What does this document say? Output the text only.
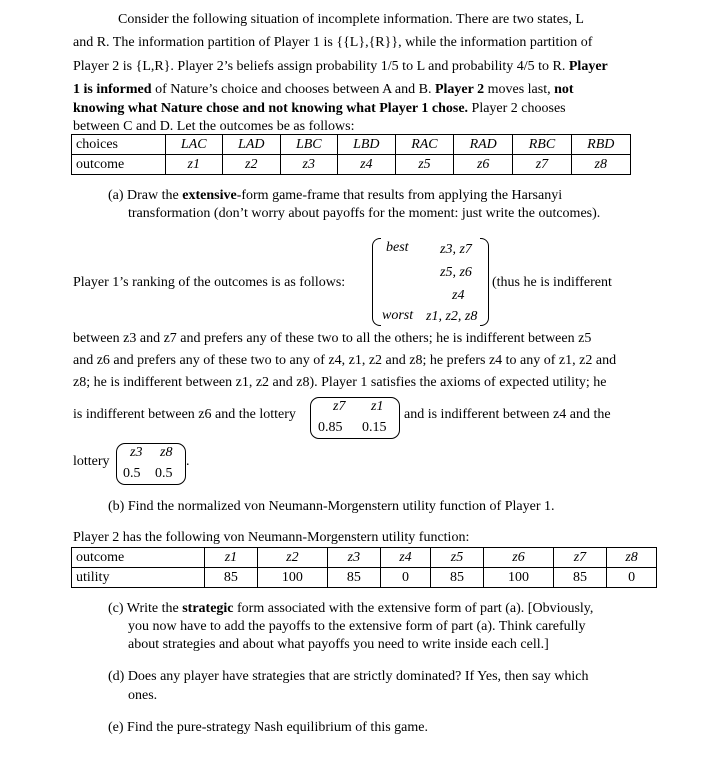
Consider the following situation of incomplete information. There are two states, L
and R. The information partition of Player 1 is {{L},{R}}, while the information partition of
Player 2 is {L,R}. Player 2’s beliefs assign probability 1/5 to L and probability 4/5 to R. Player
1 is informed of Nature’s choice and chooses between A and B. Player 2 moves last, not
knowing what Nature chose and not knowing what Player 1 chose. Player 2 chooses
between C and D. Let the outcomes be as follows:
choices	LAC	LAD	LBC	LBD	RAC	RAD	RBC	RBD
outcome	z1	z2	z3	z4	z5	z6	z7	z8
(a) Draw the extensive-form game-frame that results from applying the Harsanyi
transformation (don’t worry about payoffs for the moment: just write the outcomes).
Player 1’s ranking of the outcomes is as follows:
best
worst
z3, z7
z5, z6
z4
z1, z2, z8
(thus he is indifferent
between z3 and z7 and prefers any of these two to all the others; he is indifferent between z5
and z6 and prefers any of these two to any of z4, z1, z2 and z8; he prefers z4 to any of z1, z2 and
z8; he is indifferent between z1, z2 and z8). Player 1 satisfies the axioms of expected utility; he
is indifferent between z6 and the lottery
z7 z1
0.85 0.15
and is indifferent between z4 and the
lottery
z3 z8
0.5 0.5
.
(b) Find the normalized von Neumann-Morgenstern utility function of Player 1.
Player 2 has the following von Neumann-Morgenstern utility function:
outcome	z1	z2	z3	z4	z5	z6	z7	z8
utility	85	100	85	0	85	100	85	0
(c) Write the strategic form associated with the extensive form of part (a). [Obviously,
you now have to add the payoffs to the extensive form of part (a). Think carefully
about strategies and about what payoffs you need to write inside each cell.]
(d) Does any player have strategies that are strictly dominated? If Yes, then say which
ones.
(e) Find the pure-strategy Nash equilibrium of this game.
